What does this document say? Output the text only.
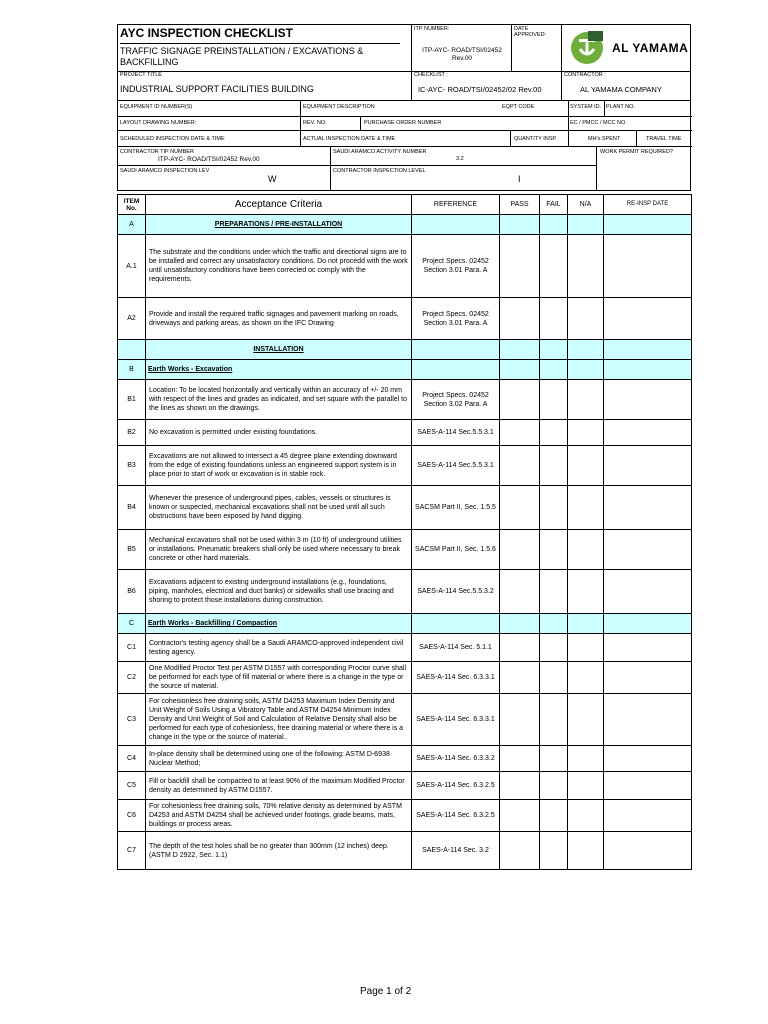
AYC INSPECTION CHECKLIST
TRAFFIC SIGNAGE PREINSTALLATION / EXCAVATIONS & BACKFILLING
ITP NUMBER:
ITP-AYC- ROAD/TSI/02452 Rev.00
DATE APPROVED:
AL YAMAMA
PROJECT TITLE
INDUSTRIAL SUPPORT FACILITIES BUILDING
CHECKLIST :
IC-AYC- ROAD/TSI/02452/02 Rev.00
CONTRACTOR :
AL YAMAMA COMPANY
EQUIPMENT ID NUMBER(S)	EQUIPMENT DESCRIPTION	EQPT CODE	SYSTEM ID. PLANT NO.
LAYOUT DRAWING NUMBER:	REV. NO.	PURCHASE ORDER NUMBER	EC / PMCC / MCC NO.
SCHEDULED INSPECTION DATE & TIME	ACTUAL INSPECTION DATE & TIME	QUANTITY INSP.	MH's SPENT	TRAVEL TIME
CONTRACTOR TIP NUMBER
ITP-AYC- ROAD/TSI/02452 Rev.00
SAUDI ARAMCO ACTIVITY NUMBER
3.2
WORK PERMIT REQUIRED?
SAUDI ARAMCO INSPECTION LEV
W
CONTRACTOR INSPECTION LEVEL
I
ITEM No.	Acceptance Criteria	REFERENCE	PASS	FAIL	N/A	RE-INSP DATE
A	PREPARATIONS / PRE-INSTALLATION					
A.1	The substrate and the conditions under which the traffic and directional signs are to be installed and correct any unsatisfactory conditions. Do not procedd with the work until unsatisfactory conditions have been corrected oc comply with the requirements.	Project Specs. 02452 Section 3.01 Para. A				
A2	Provide and install the required traffic signages and pavement marking on roads, driveways and parking areas, as shown on the IFC Drawing	Project Specs. 02452 Section 3.01 Para. A				
	INSTALLATION					
B	Earth Works - Excavation					
B1	Location: To be located horizontally and vertically within an accuracy of +/- 20 mm with respect of the lines and grades as indicated, and set square with the parallel to the lines as shown on the drawings.	Project Specs. 02452 Section 3.02 Para. A				
B2	No excavation is permitted under existing foundations.	SAES-A-114 Sec.5.5.3.1				
B3	Excavations are not allowed to intersect a 45 degree plane extending downward from the edge of existing foundations unless an engineered support system is in place prior to start of work or excavation is in stable rock.	SAES-A-114 Sec.5.5.3.1				
B4	Whenever the presence of underground pipes, cables, vessels or structures is known or suspected, mechanical excavations shall not be used until all such obstructions have been exposed by hand digging.	SACSM Part II, Sec. 1.5.5				
B5	Mechanical excavators shall not be used within 3 m (10 ft) of underground utilities or installations. Pneumatic breakers shall only be used where necessary to break concrete or other hard materials.	SACSM Part II, Sec. 1.5.6				
B6	Excavations adjacent to existing underground installations (e.g., foundations, piping, manholes, electrical and duct banks) or sidewalks shall use bracing and shoring to protect those installations during construction.	SAES-A-114 Sec.5.5.3.2				
C	Earth Works - Backfilling / Compaction					
C1	Contractor's testing agency shall be a Saudi ARAMCO-approved independent civil testing agency.	SAES-A-114 Sec. 5.1.1				
C2	One Modified Proctor Test per ASTM D1557 with corresponding Proctor curve shall be performed for each type of fill material or where there is a change in the type or the source of material.	SAES-A-114 Sec. 6.3.3.1				
C3	For cohesionless free draining soils, ASTM D4253 Maximum Index Density and Unit Weight of Soils Using a Vibratory Table and ASTM D4254 Minimum Index Density and Unit Weight of Soil and Calculation of Relative Density shall also be performed for each type of cohesionless, free draining material or where there is a change in the type or the source of material..	SAES-A-114 Sec. 6.3.3.1				
C4	In-place density shall be determined using one of the following: ASTM D-6938 Nuclear Method;	SAES-A-114 Sec. 6.3.3.2				
C5	Fill or backfill shall be compacted to at least 90% of the maximum Modified Proctor density as determined by ASTM D1557.	SAES-A-114 Sec. 6.3.2.5				
C6	For cohesionless free draining soils, 70% relative density as determined by ASTM D4253 and ASTM D4254 shall be achieved under footings, grade beams, mats, buildings or process areas.	SAES-A-114 Sec. 6.3.2.5				
C7	The depth of the test holes shall be no greater than 300mm (12 inches) deep. (ASTM D 2922, Sec. 1.1)	SAES-A-114 Sec. 3.2				
Page 1 of 2
